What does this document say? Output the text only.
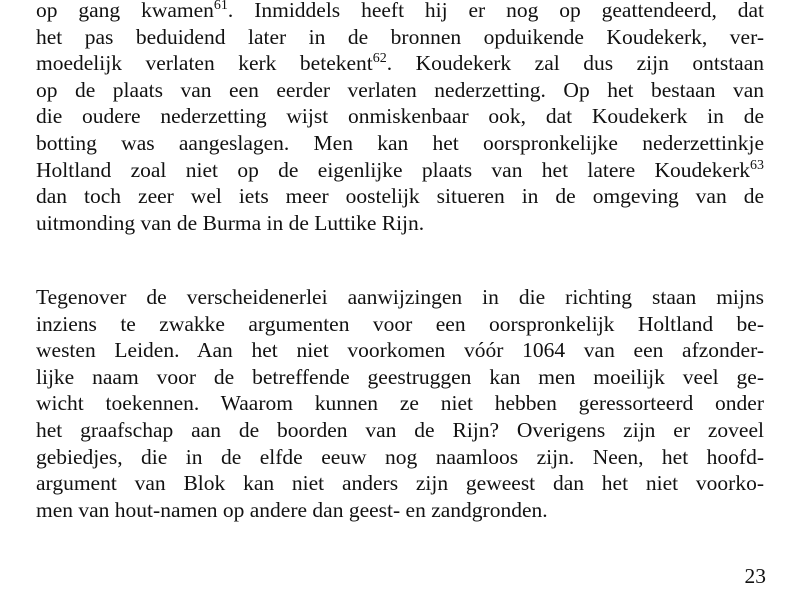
op gang kwamen$^{61}$. Inmiddels heeft hij er nog op geattendeerd, dat
het pas beduidend later in de bronnen opduikende Koudekerk, ver-
moedelijk verlaten kerk betekent$^{62}$. Koudekerk zal dus zijn ontstaan
op de plaats van een eerder verlaten nederzetting. Op het bestaan van
die oudere nederzetting wijst onmiskenbaar ook, dat Koudekerk in de
botting was aangeslagen. Men kan het oorspronkelijke nederzettinkje
Holtland zoal niet op de eigenlijke plaats van het latere Koudekerk$^{63}$
dan toch zeer wel iets meer oostelijk situeren in de omgeving van de
uitmonding van de Burma in de Luttike Rijn.
Tegenover de verscheidenerlei aanwijzingen in die richting staan mijns
inziens te zwakke argumenten voor een oorspronkelijk Holtland be-
westen Leiden. Aan het niet voorkomen vóór 1064 van een afzonder-
lijke naam voor de betreffende geestruggen kan men moeilijk veel ge-
wicht toekennen. Waarom kunnen ze niet hebben geressorteerd onder
het graafschap aan de boorden van de Rijn? Overigens zijn er zoveel
gebiedjes, die in de elfde eeuw nog naamloos zijn. Neen, het hoofd-
argument van Blok kan niet anders zijn geweest dan het niet voorko-
men van hout-namen op andere dan geest- en zandgronden.
23
